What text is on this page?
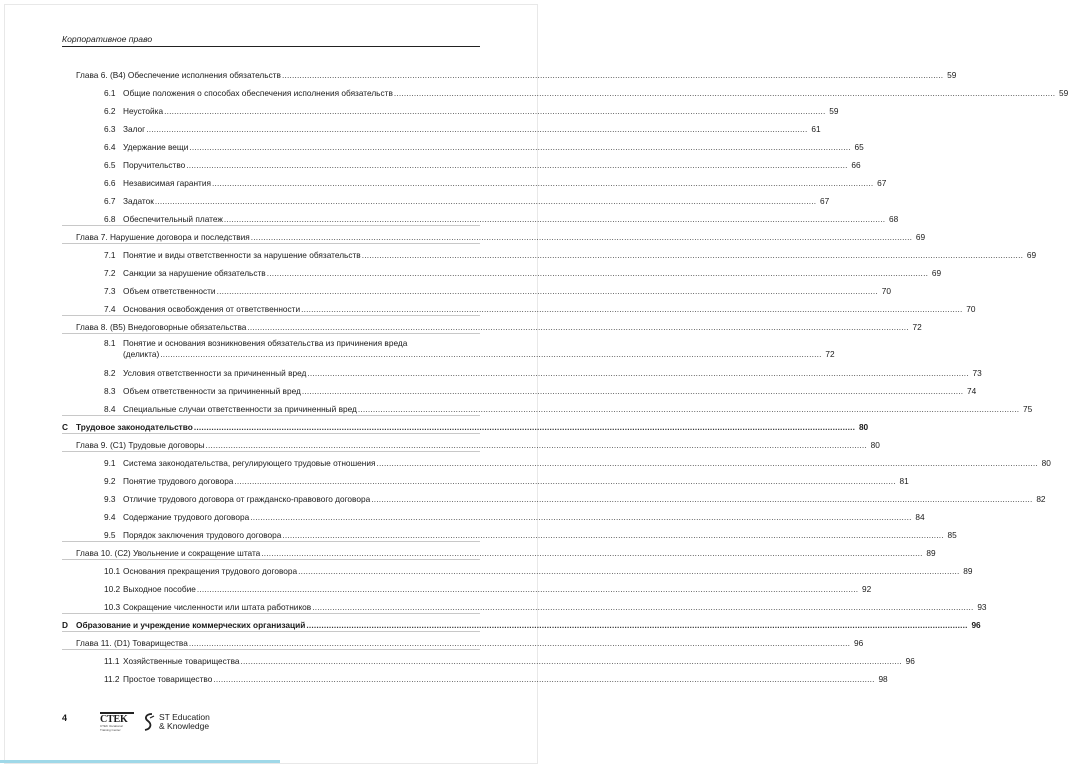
Корпоративное право
Глава 6. (B4) Обеспечение исполнения обязательств .....	59
6.1 Общие положения о способах обеспечения исполнения обязательств .....	59
6.2 Неустойка .....	59
6.3 Залог .....	61
6.4 Удержание вещи .....	65
6.5 Поручительство .....	66
6.6 Независимая гарантия .....	67
6.7 Задаток .....	67
6.8 Обеспечительный платеж .....	68
Глава 7. Нарушение договора и последствия .....	69
7.1 Понятие и виды ответственности за нарушение обязательств .....	69
7.2 Санкции за нарушение обязательств .....	69
7.3 Объем ответственности .....	70
7.4 Основания освобождения от ответственности .....	70
Глава 8. (B5) Внедоговорные обязательства .....	72
8.1 Понятие и основания возникновения обязательства из причинения вреда
(деликта) .....	72
8.2 Условия ответственности за причиненный вред .....	73
8.3 Объем ответственности за причиненный вред .....	74
8.4 Специальные случаи ответственности за причиненный вред .....	75
C Трудовое законодательство .....	80
Глава 9. (C1) Трудовые договоры .....	80
9.1 Система законодательства, регулирующего трудовые отношения .....	80
9.2 Понятие трудового договора .....	81
9.3 Отличие трудового договора от гражданско-правового договора .....	82
9.4 Содержание трудового договора .....	84
9.5 Порядок заключения трудового договора .....	85
Глава 10. (C2) Увольнение и сокращение штата .....	89
10.1 Основания прекращения трудового договора .....	89
10.2 Выходное пособие .....	92
10.3 Сокращение численности или штата работников .....	93
D Образование и учреждение коммерческих организаций .....	96
Глава 11. (D1) Товарищества .....	96
11.1 Хозяйственные товарищества .....	96
11.2 Простое товарищество .....	98
4	CTEK
CTEK Vocational Training Center
ST Education
& Knowledge
